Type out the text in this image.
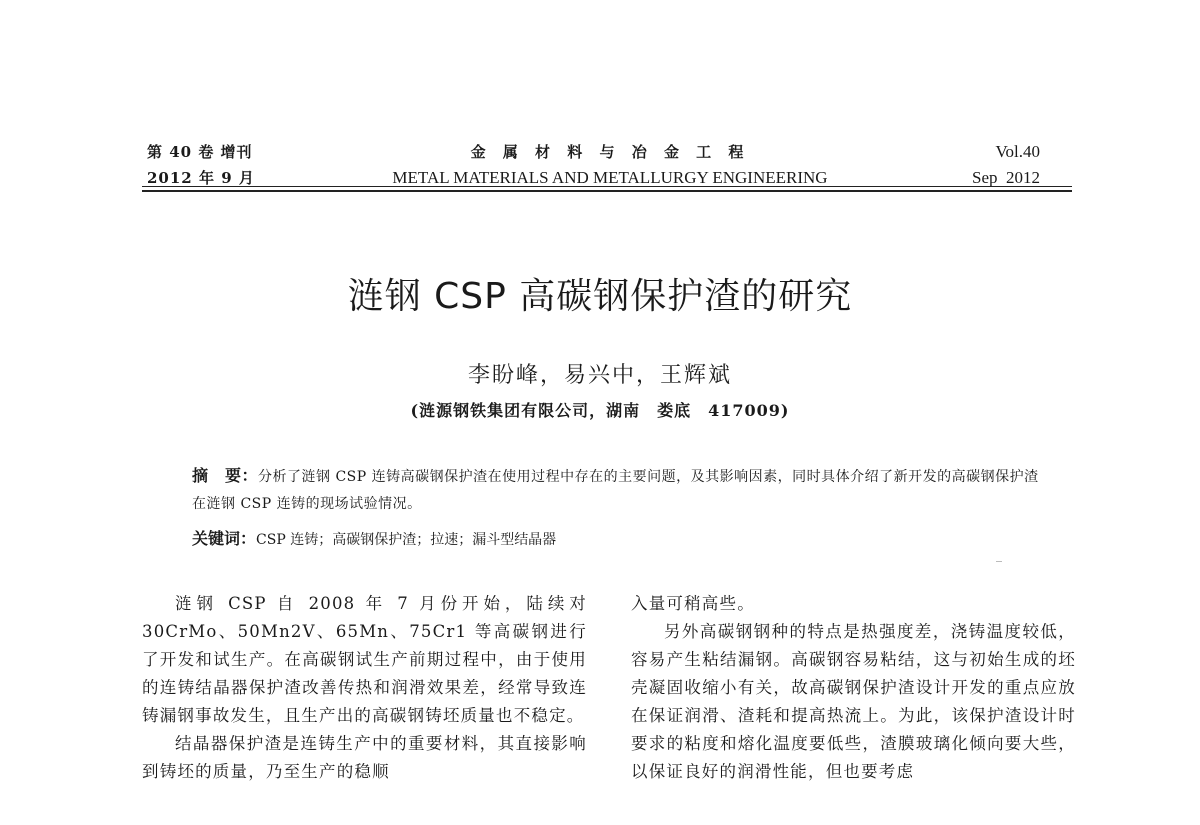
第 40 卷 增刊
2012 年 9 月
金 属 材 料 与 冶 金 工 程
METAL MATERIALS AND METALLURGY ENGINEERING
Vol.40
Sep  2012
涟钢 CSP 高碳钢保护渣的研究
李盼峰，易兴中，王辉斌
(涟源钢铁集团有限公司，湖南　娄底　417009)
摘　要：分析了涟钢 CSP 连铸高碳钢保护渣在使用过程中存在的主要问题，及其影响因素，同时具体介绍了新开发的高碳钢保护渣在涟钢 CSP 连铸的现场试验情况。
关键词：CSP 连铸；高碳钢保护渣；拉速；漏斗型结晶器

涟钢 CSP 自 2008 年 7 月份开始，陆续对30CrMo、50Mn2V、65Mn、75Cr1 等高碳钢进行了开发和试生产。在高碳钢试生产前期过程中，由于使用的连铸结晶器保护渣改善传热和润滑效果差，经常导致连铸漏钢事故发生，且生产出的高碳钢铸坯质量也不稳定。

结晶器保护渣是连铸生产中的重要材料，其直接影响到铸坯的质量，乃至生产的稳顺

入量可稍高些。

另外高碳钢钢种的特点是热强度差，浇铸温度较低，容易产生粘结漏钢。高碳钢容易粘结，这与初始生成的坯壳凝固收缩小有关，故高碳钢保护渣设计开发的重点应放在保证润滑、渣耗和提高热流上。为此，该保护渣设计时要求的粘度和熔化温度要低些，渣膜玻璃化倾向要大些，以保证良好的润滑性能，但也要考虑
